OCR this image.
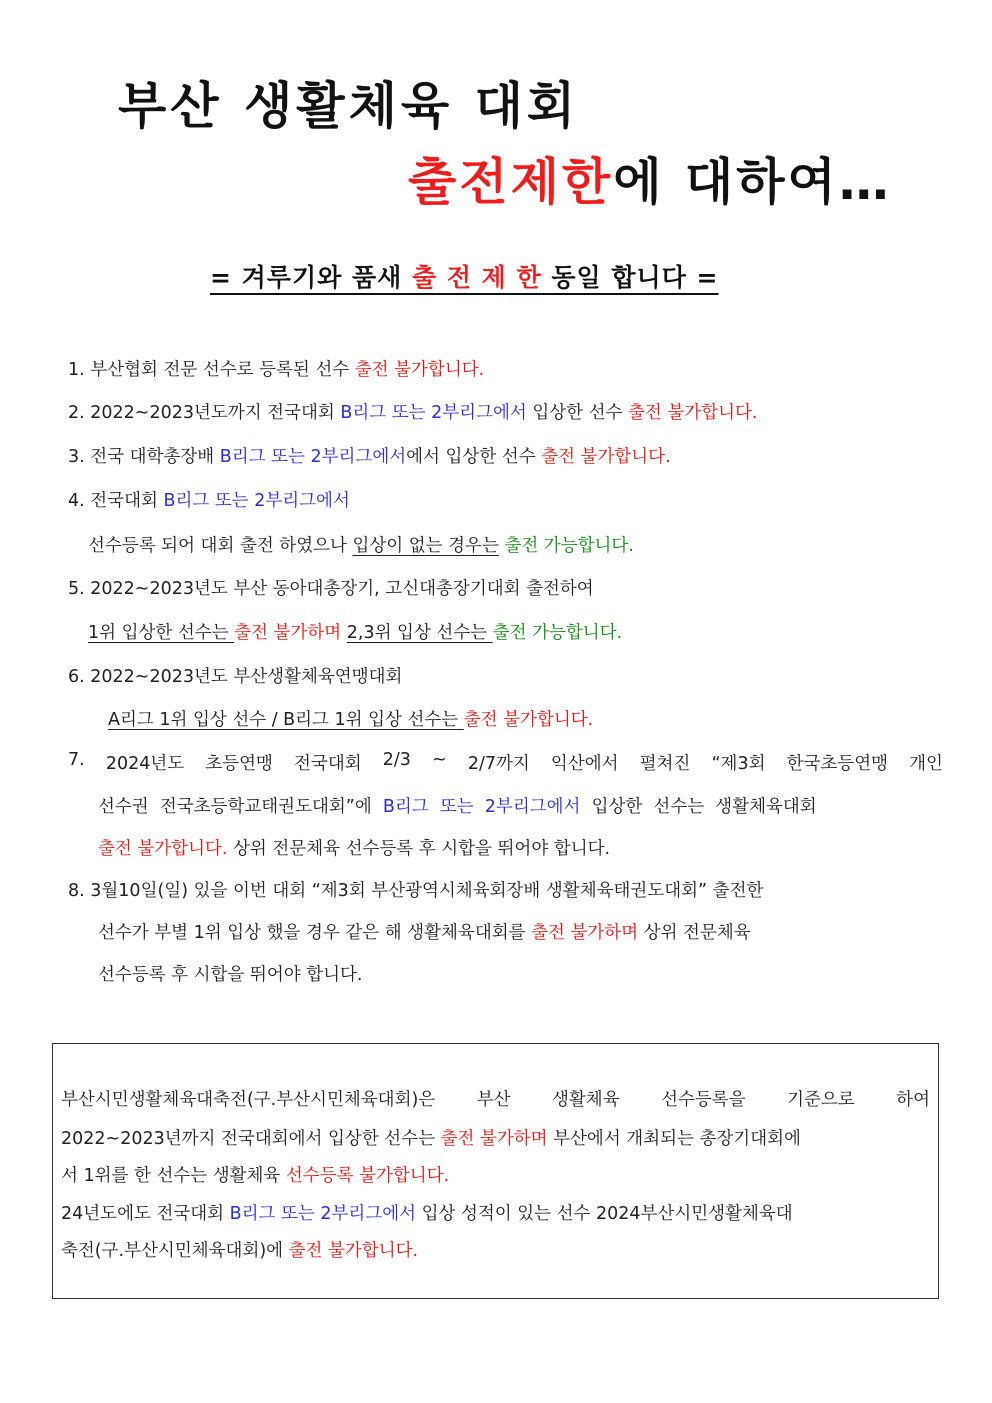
부산 생활체육 대회
출전제한에 대하여…
= 겨루기와 품새 출 전 제 한 동일 합니다 =
1. 부산협회 전문 선수로 등록된 선수 출전 불가합니다.
2. 2022~2023년도까지 전국대회 B리그 또는 2부리그에서 입상한 선수 출전 불가합니다.
3. 전국 대학총장배 B리그 또는 2부리그에서에서 입상한 선수 출전 불가합니다.
4. 전국대회 B리그 또는 2부리그에서
선수등록 되어 대회 출전 하였으나 입상이 없는 경우는 출전 가능합니다.
5. 2022~2023년도 부산 동아대총장기, 고신대총장기대회 출전하여
1위 입상한 선수는 출전 불가하며 2,3위 입상 선수는 출전 가능합니다.
6. 2022~2023년도 부산생활체육연맹대회
A리그 1위 입상 선수 / B리그 1위 입상 선수는 출전 불가합니다.
7. 2024년도 초등연맹 전국대회 2/3 ~ 2/7까지 익산에서 펼쳐진 “제3회 한국초등연맹 개인
선수권  전국초등학교태권도대회”에  B리그  또는  2부리그에서  입상한  선수는  생활체육대회
출전 불가합니다. 상위 전문체육 선수등록 후 시합을 뛰어야 합니다.
8. 3월10일(일) 있을 이번 대회 “제3회 부산광역시체육회장배 생활체육태권도대회” 출전한
선수가 부별 1위 입상 했을 경우 같은 해 생활체육대회를 출전 불가하며 상위 전문체육
선수등록 후 시합을 뛰어야 합니다.
부산시민생활체육대축전(구.부산시민체육대회)은 부산 생활체육 선수등록을 기준으로 하여
2022~2023년까지 전국대회에서 입상한 선수는 출전 불가하며 부산에서 개최되는 총장기대회에
서 1위를 한 선수는 생활체육 선수등록 불가합니다.
24년도에도 전국대회 B리그 또는 2부리그에서 입상 성적이 있는 선수 2024부산시민생활체육대
축전(구.부산시민체육대회)에 출전 불가합니다.
